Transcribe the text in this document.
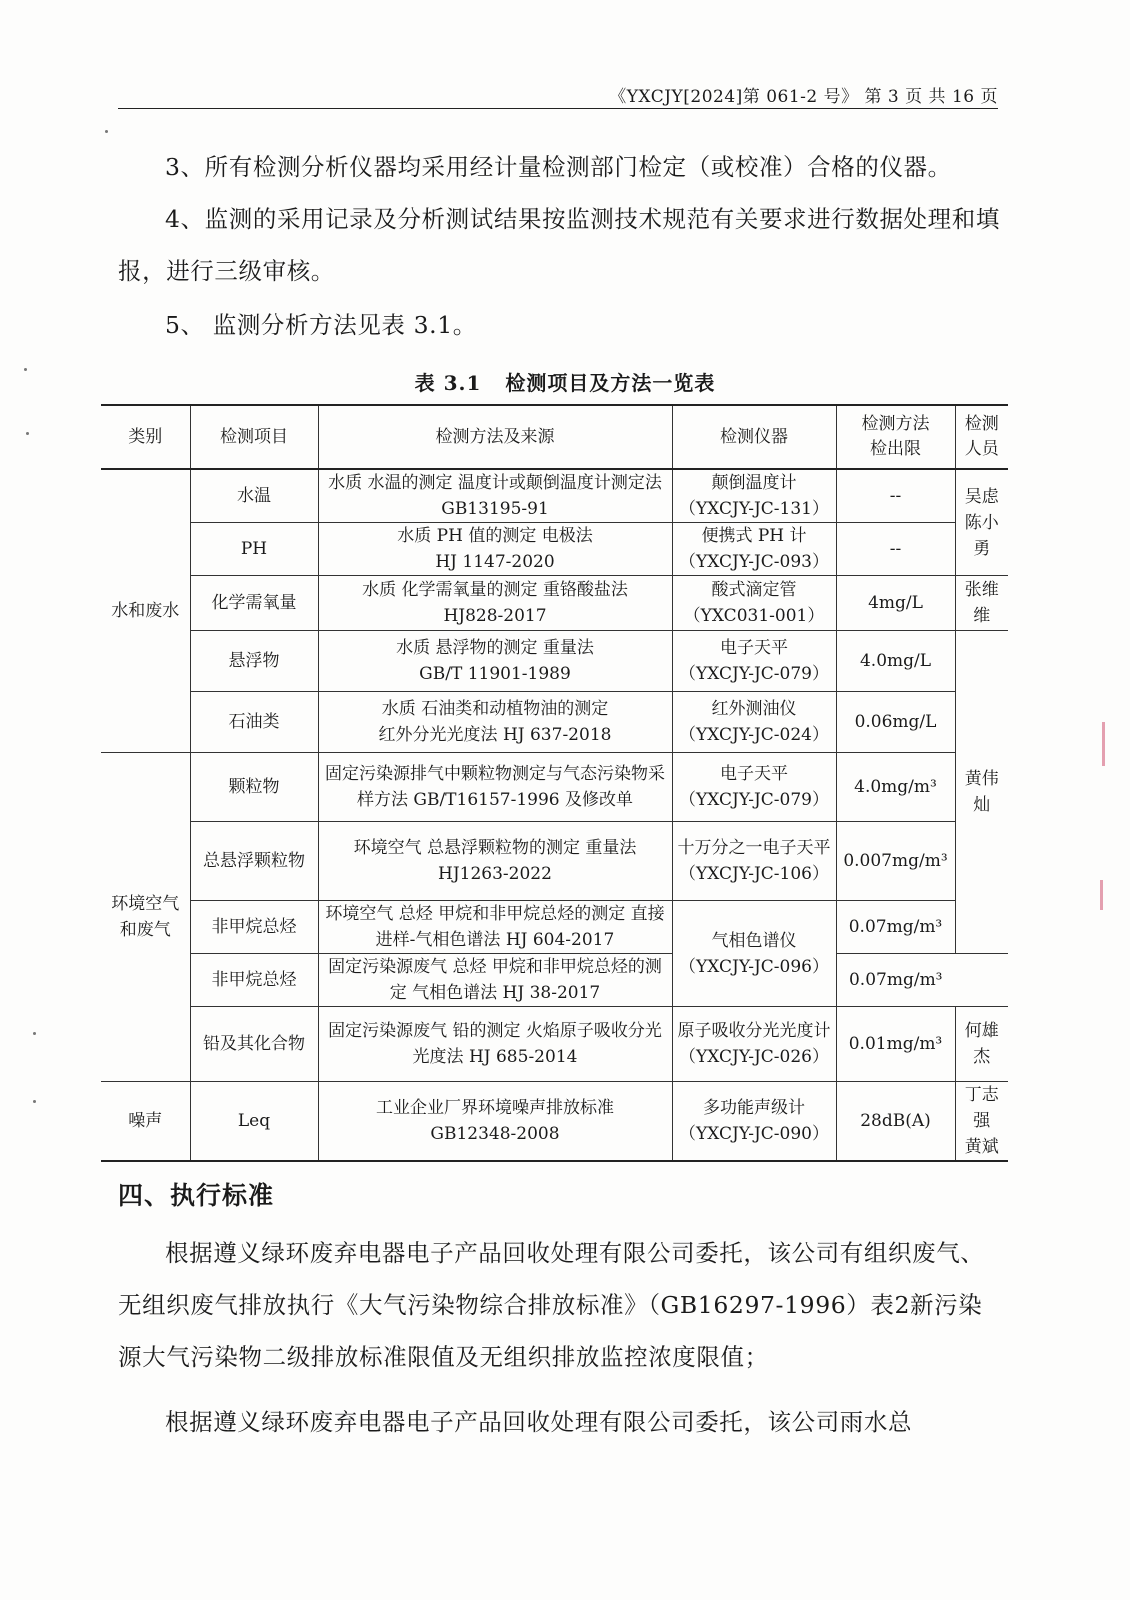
《YXCJY[2024]第 061-2 号》 第 3 页 共 16 页

3、所有检测分析仪器均采用经计量检测部门检定（或校准）合格的仪器。

4、监测的采用记录及分析测试结果按监测技术规范有关要求进行数据处理和填报，进行三级审核。

5、 监测分析方法见表 3.1。

表 3.1   检测项目及方法一览表
类别	检测项目	检测方法及来源	检测仪器	检测方法
检出限	检测
人员
水和废水	水温	水质 水温的测定 温度计或颠倒温度计测定法 GB13195-91	颠倒温度计
（YXCJY-JC-131）	--	吴虑
陈小勇
	PH	水质 PH 值的测定 电极法
HJ 1147-2020	便携式 PH 计
（YXCJY-JC-093）	--	
	化学需氧量	水质 化学需氧量的测定 重铬酸盐法
HJ828-2017	酸式滴定管
（YXC031-001）	4mg/L	张维维
	悬浮物	水质 悬浮物的测定 重量法
GB/T 11901-1989	电子天平
（YXCJY-JC-079）	4.0mg/L	黄伟灿
	石油类	水质 石油类和动植物油的测定
红外分光光度法 HJ 637-2018	红外测油仪
（YXCJY-JC-024）	0.06mg/L	
环境空气
和废气	颗粒物	固定污染源排气中颗粒物测定与气态污染物采样方法 GB/T16157-1996 及修改单	电子天平
（YXCJY-JC-079）	4.0mg/m³	
	总悬浮颗粒物	环境空气 总悬浮颗粒物的测定 重量法
HJ1263-2022	十万分之一电子天平
（YXCJY-JC-106）	0.007mg/m³	
	非甲烷总烃	环境空气 总烃 甲烷和非甲烷总烃的测定 直接进样-气相色谱法 HJ 604-2017	气相色谱仪
（YXCJY-JC-096）	0.07mg/m³	
	非甲烷总烃	固定污染源废气 总烃 甲烷和非甲烷总烃的测定 气相色谱法 HJ 38-2017		0.07mg/m³	
	铅及其化合物	固定污染源废气 铅的测定 火焰原子吸收分光光度法 HJ 685-2014	原子吸收分光光度计
（YXCJY-JC-026）	0.01mg/m³	何雄杰
噪声	Leq	工业企业厂界环境噪声排放标准
GB12348-2008	多功能声级计
（YXCJY-JC-090）	28dB(A)	丁志强
黄斌
四、执行标准

根据遵义绿环废弃电器电子产品回收处理有限公司委托，该公司有组织废气、无组织废气排放执行《大气污染物综合排放标准》（GB16297-1996）表2新污染源大气污染物二级排放标准限值及无组织排放监控浓度限值；

根据遵义绿环废弃电器电子产品回收处理有限公司委托，该公司雨水总
